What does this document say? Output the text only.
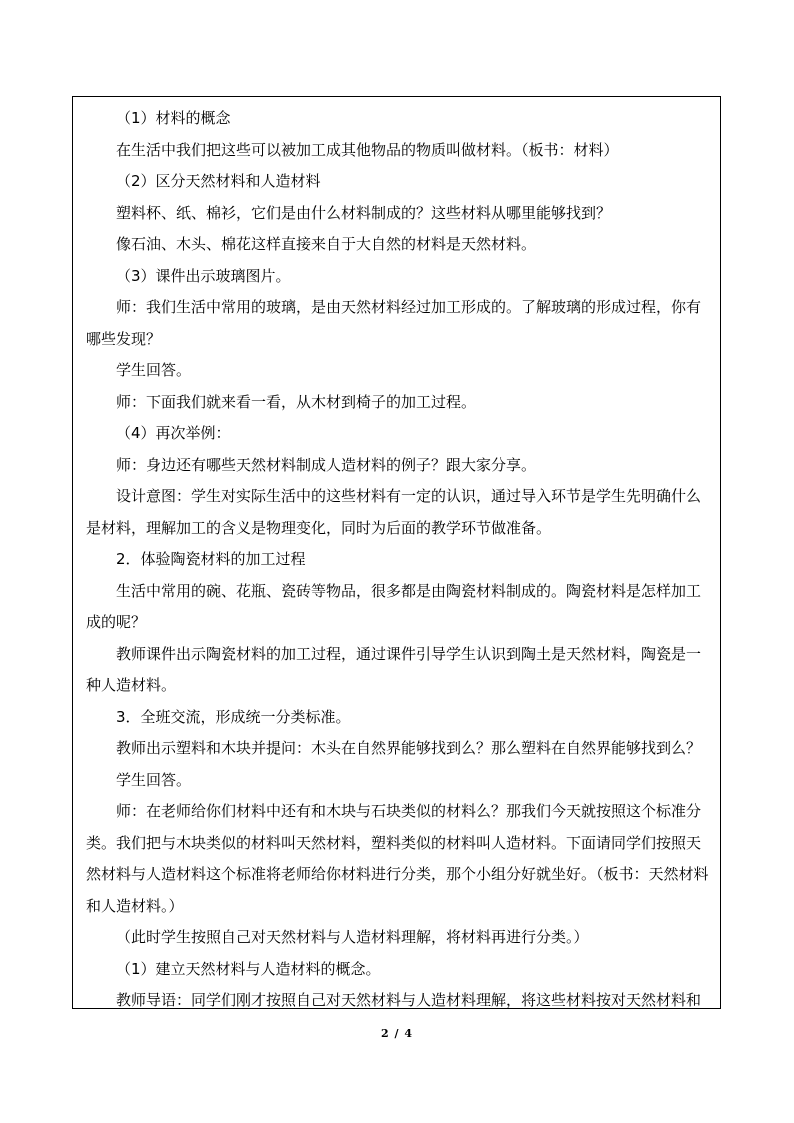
（1）材料的概念

在生活中我们把这些可以被加工成其他物品的物质叫做材料。（板书：材料）

（2）区分天然材料和人造材料

塑料杯、纸、棉衫，它们是由什么材料制成的？这些材料从哪里能够找到？

像石油、木头、棉花这样直接来自于大自然的材料是天然材料。

（3）课件出示玻璃图片。

师：我们生活中常用的玻璃，是由天然材料经过加工形成的。了解玻璃的形成过程，你有哪些发现？

学生回答。

师：下面我们就来看一看，从木材到椅子的加工过程。

（4）再次举例：

师：身边还有哪些天然材料制成人造材料的例子？跟大家分享。

设计意图：学生对实际生活中的这些材料有一定的认识，通过导入环节是学生先明确什么是材料，理解加工的含义是物理变化，同时为后面的教学环节做准备。

2．体验陶瓷材料的加工过程

生活中常用的碗、花瓶、瓷砖等物品，很多都是由陶瓷材料制成的。陶瓷材料是怎样加工成的呢？

教师课件出示陶瓷材料的加工过程，通过课件引导学生认识到陶土是天然材料，陶瓷是一种人造材料。

3．全班交流，形成统一分类标准。

教师出示塑料和木块并提问：木头在自然界能够找到么？那么塑料在自然界能够找到么？

学生回答。

师：在老师给你们材料中还有和木块与石块类似的材料么？那我们今天就按照这个标准分类。我们把与木块类似的材料叫天然材料，塑料类似的材料叫人造材料。下面请同学们按照天然材料与人造材料这个标准将老师给你材料进行分类，那个小组分好就坐好。（板书：天然材料和人造材料。）

（此时学生按照自己对天然材料与人造材料理解，将材料再进行分类。）

（1）建立天然材料与人造材料的概念。

教师导语：同学们刚才按照自己对天然材料与人造材料理解，将这些材料按对天然材料和

2 / 4
